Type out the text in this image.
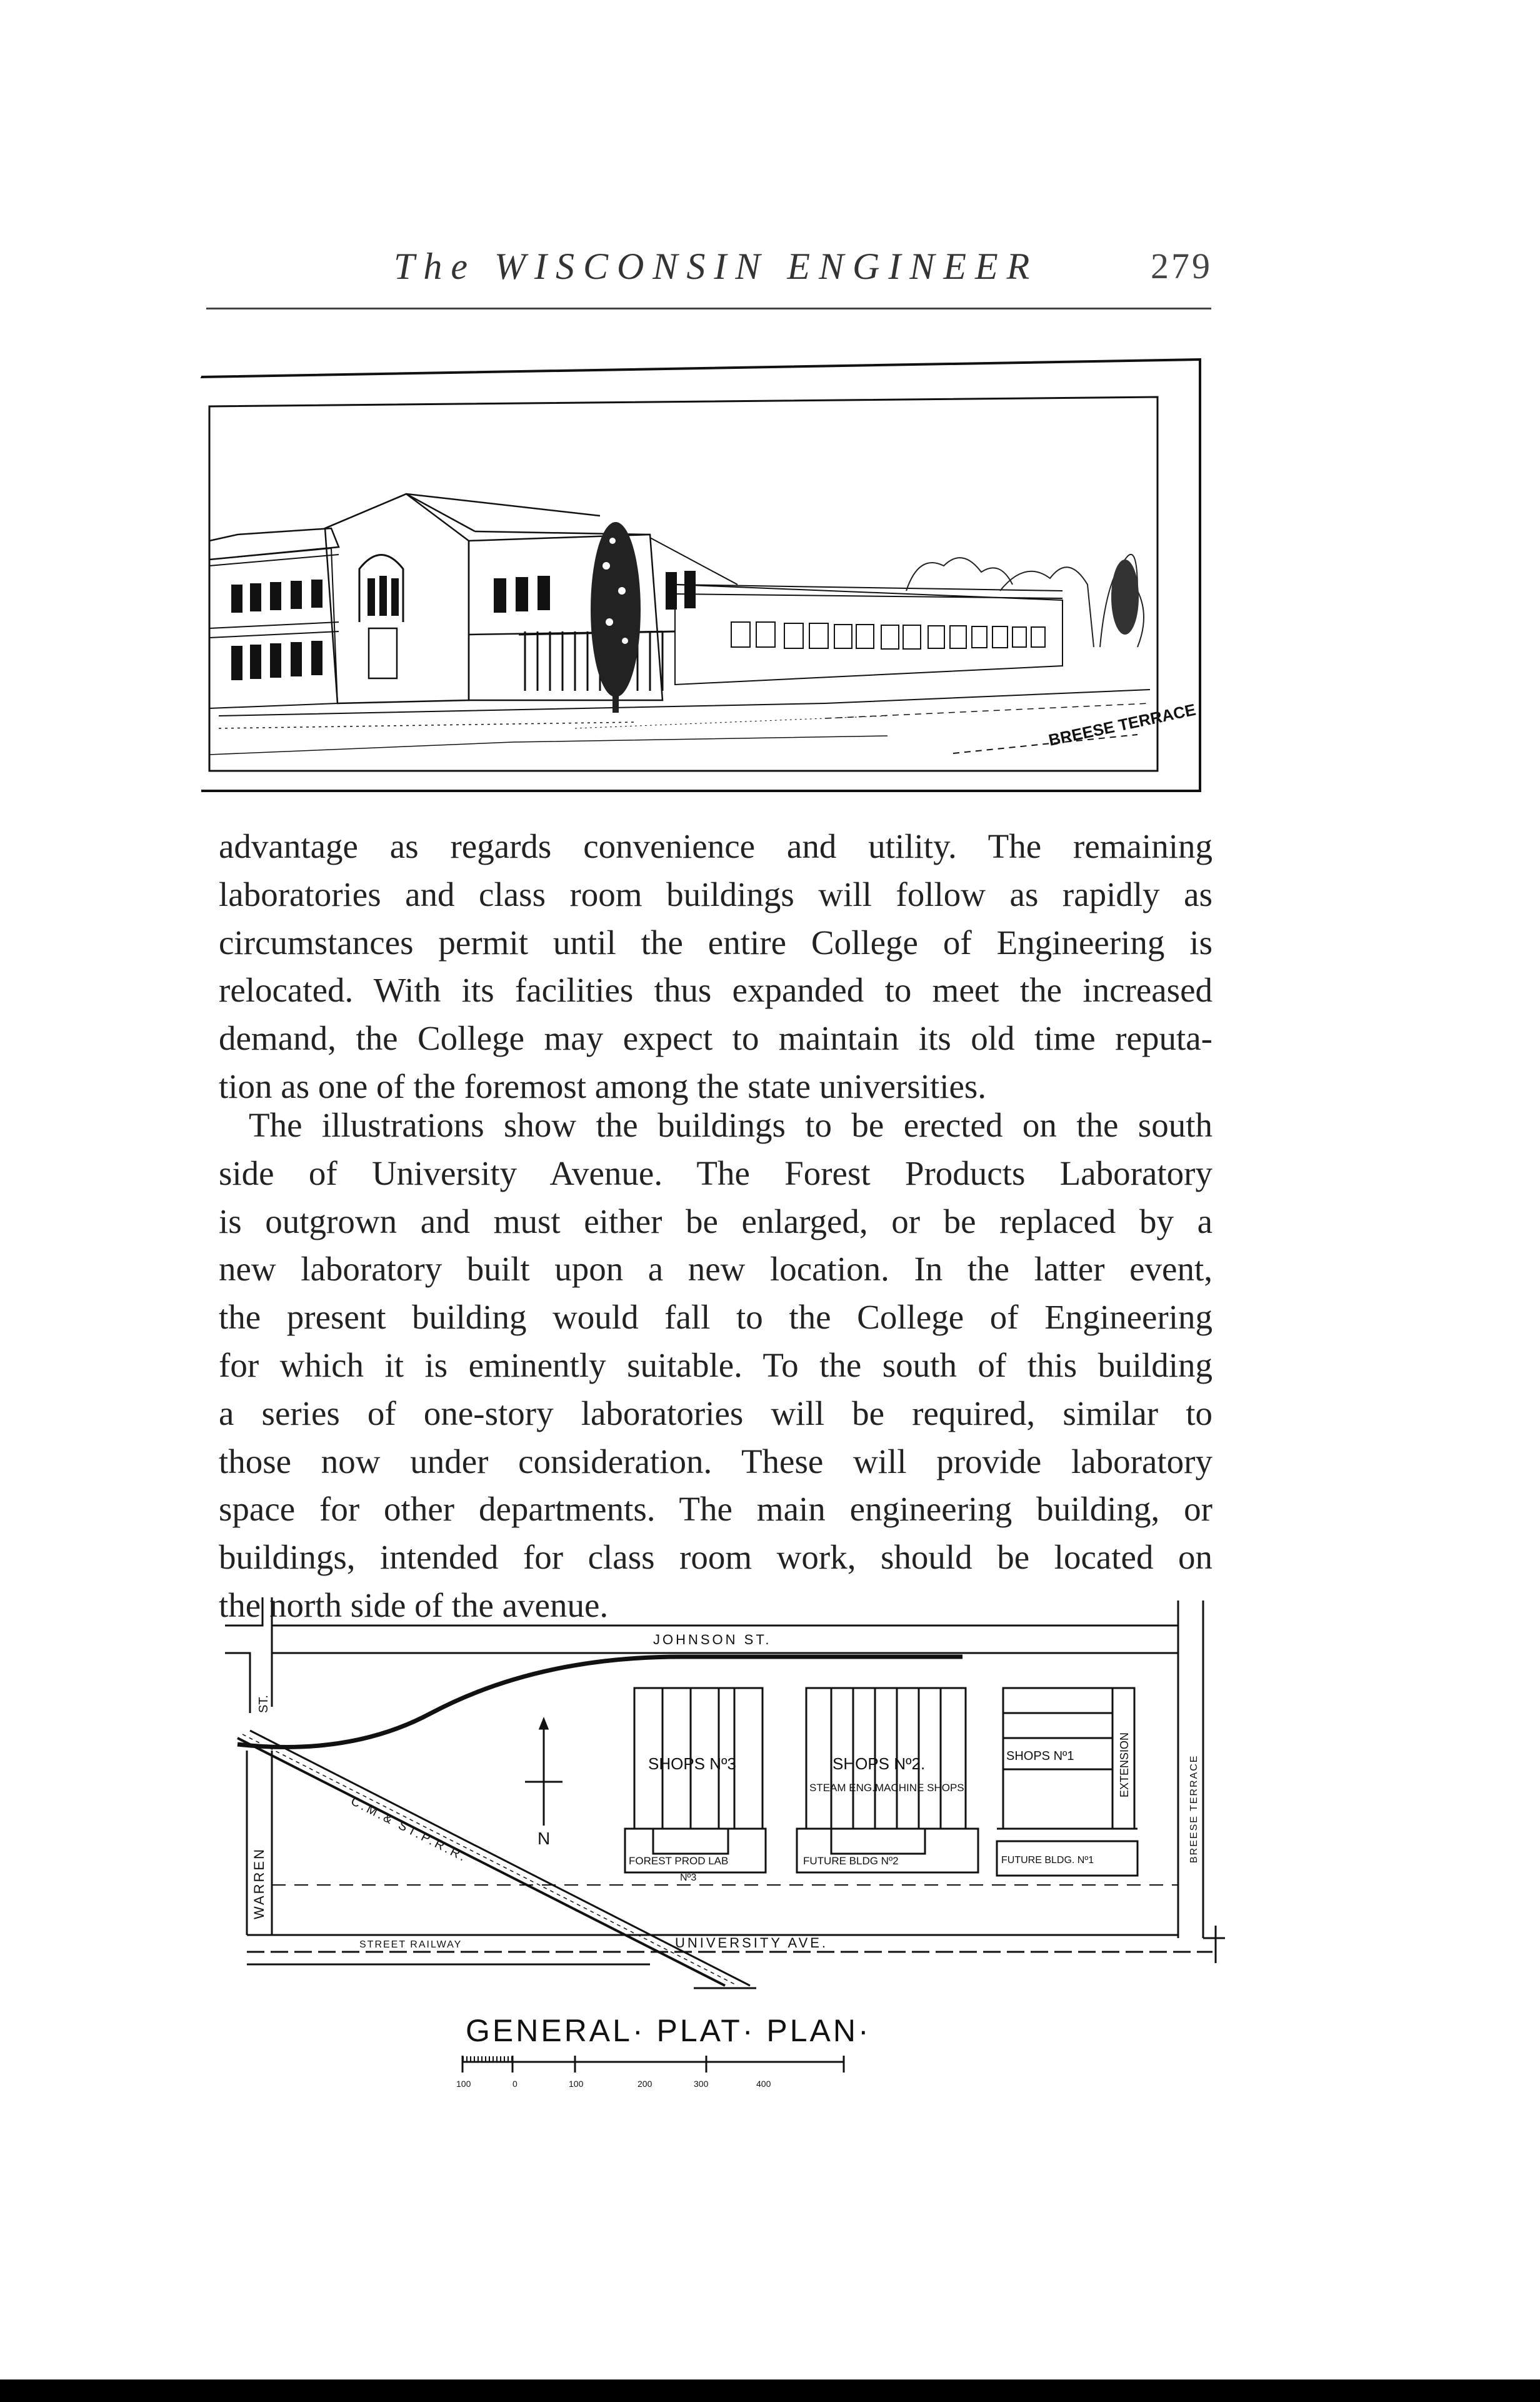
The WISCONSIN ENGINEER	279
BREESE TERRACE

advantage as regards convenience and utility. The remaining
laboratories and class room buildings will follow as rapidly as
circumstances permit until the entire College of Engineering is
relocated. With its facilities thus expanded to meet the increased
demand, the College may expect to maintain its old time reputa-
tion as one of the foremost among the state universities.

The illustrations show the buildings to be erected on the south
side of University Avenue. The Forest Products Laboratory
is outgrown and must either be enlarged, or be replaced by a
new laboratory built upon a new location. In the latter event,
the present building would fall to the College of Engineering
for which it is eminently suitable. To the south of this building
a series of one-story laboratories will be required, similar to
those now under consideration. These will provide laboratory
space for other departments. The main engineering building, or
buildings, intended for class room work, should be located on
the north side of the avenue.

N
SHOPS Nº3
FOREST PROD LAB
Nº3
SHOPS Nº2.
STEAM ENG. MACHINE SHOPS.
FUTURE BLDG Nº2
SHOPS Nº1
FUTURE BLDG. Nº1
EXTENSION
JOHNSON ST.
WARREN
ST.
UNIVERSITY AVE.
BREESE TERRACE
STREET RAILWAY
C.M.& ST.P.R.R.
GENERAL· PLAT· PLAN·
100	0	100	200	300	400
